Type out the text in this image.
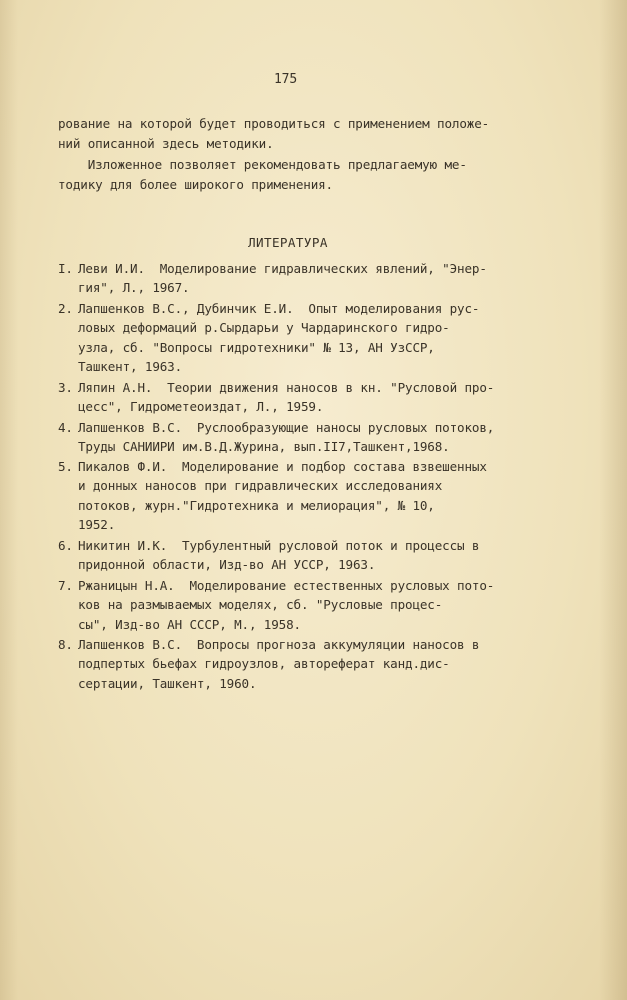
175
рование на которой будет проводиться с применением положе-
ний описанной здесь методики.
Изложенное позволяет рекомендовать предлагаемую ме-
тодику для более широкого применения.
ЛИТЕРАТУРА
I. Леви И.И.  Моделирование гидравлических явлений, "Энер-
гия", Л., 1967.
2. Лапшенков В.С., Дубинчик Е.И.  Опыт моделирования рус-
ловых деформаций р.Сырдарьи у Чардаринского гидро-
узла, сб. "Вопросы гидротехники" № 13, АН УзССР,
Ташкент, 1963.
3. Ляпин А.Н.  Теории движения наносов в кн. "Русловой про-
цесс", Гидрометеоиздат, Л., 1959.
4. Лапшенков В.С.  Руслообразующие наносы русловых потоков,
Труды САНИИРИ им.В.Д.Журина, вып.II7,Ташкент,1968.
5. Пикалов Ф.И.  Моделирование и подбор состава взвешенных
и донных наносов при гидравлических исследованиях
потоков, журн."Гидротехника и мелиорация", № 10,
1952.
6. Никитин И.К.  Турбулентный русловой поток и процессы в
придонной области, Изд-во АН УССР, 1963.
7. Ржаницын Н.А.  Моделирование естественных русловых пото-
ков на размываемых моделях, сб. "Русловые процес-
сы", Изд-во АН СССР, М., 1958.
8. Лапшенков В.С.  Вопросы прогноза аккумуляции наносов в
подпертых бьефах гидроузлов, автореферат канд.дис-
сертации, Ташкент, 1960.
